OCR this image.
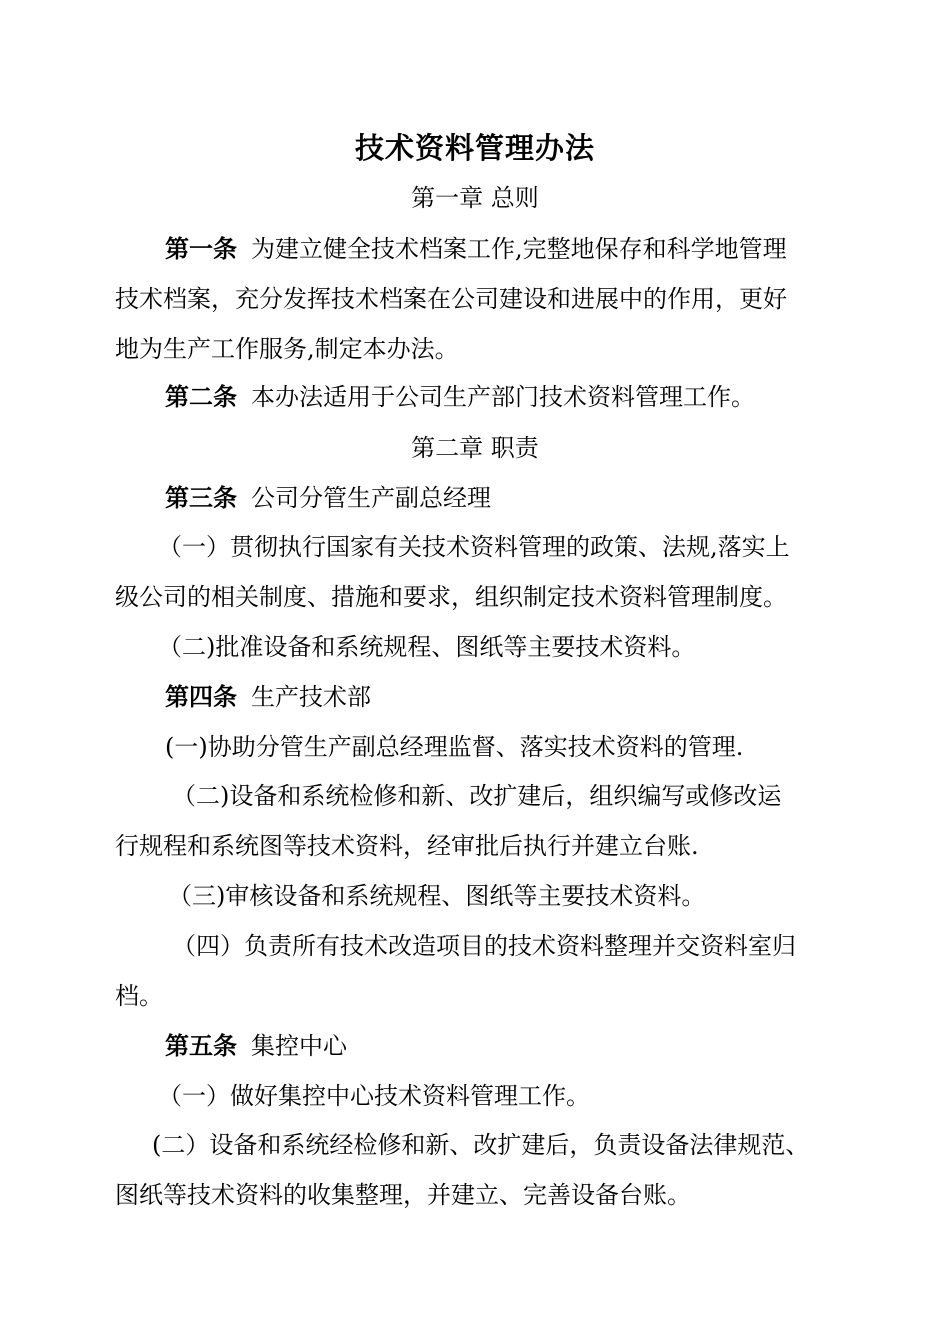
技术资料管理办法
第一章 总则
第一条 为建立健全技术档案工作,完整地保存和科学地管理
技术档案，充分发挥技术档案在公司建设和进展中的作用，更好
地为生产工作服务,制定本办法。
第二条 本办法适用于公司生产部门技术资料管理工作。
第二章 职责
第三条 公司分管生产副总经理
（一）贯彻执行国家有关技术资料管理的政策、法规,落实上
级公司的相关制度、措施和要求，组织制定技术资料管理制度。
（二)批准设备和系统规程、图纸等主要技术资料。
第四条 生产技术部
(一)协助分管生产副总经理监督、落实技术资料的管理.
（二)设备和系统检修和新、改扩建后，组织编写或修改运
行规程和系统图等技术资料，经审批后执行并建立台账.
（三)审核设备和系统规程、图纸等主要技术资料。
（四）负责所有技术改造项目的技术资料整理并交资料室归
档。
第五条 集控中心
（一）做好集控中心技术资料管理工作。
(二）设备和系统经检修和新、改扩建后，负责设备法律规范、
图纸等技术资料的收集整理，并建立、完善设备台账。
